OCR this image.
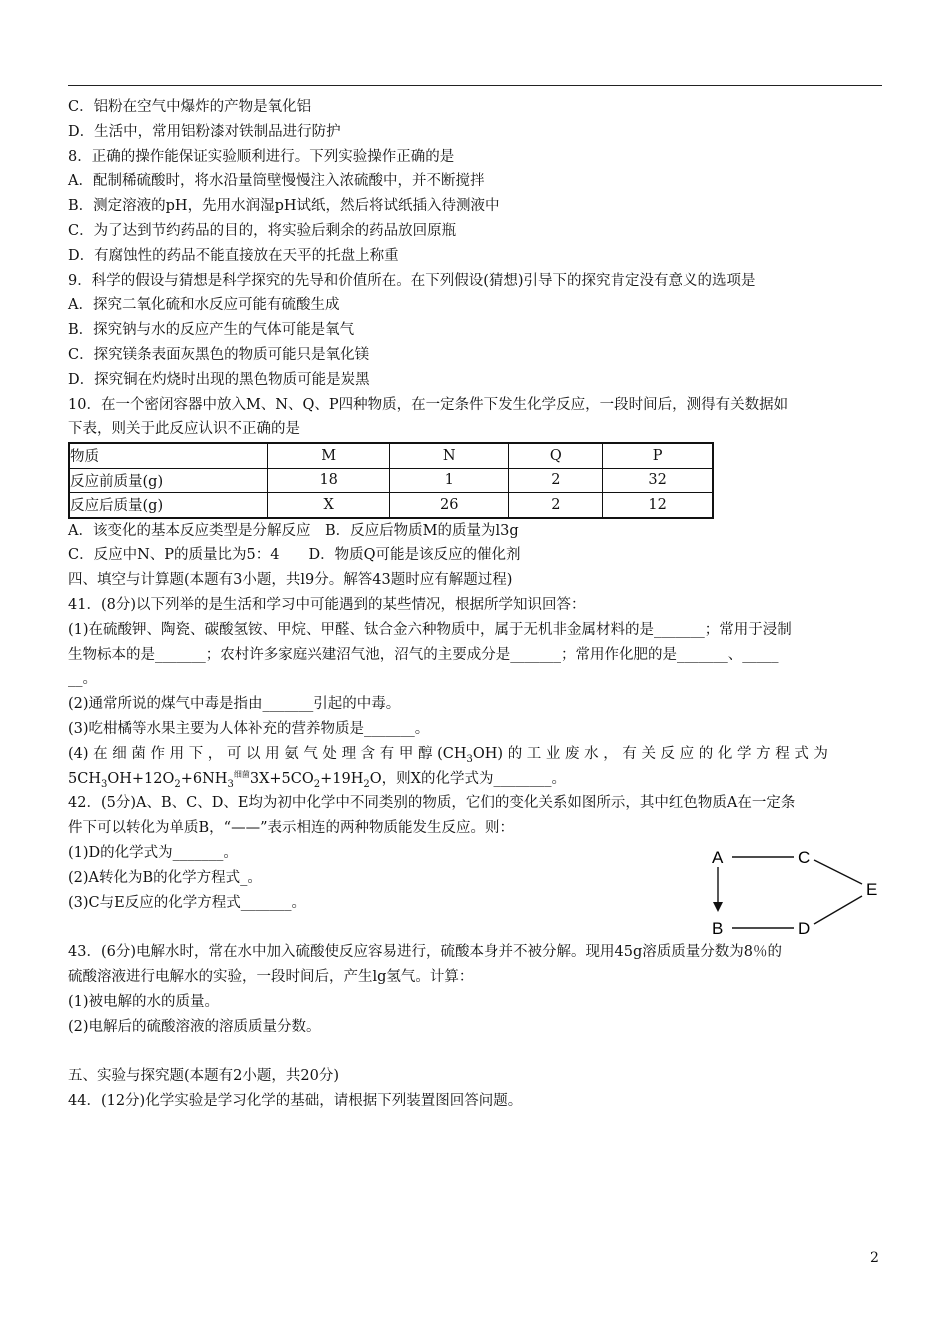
C．铝粉在空气中爆炸的产物是氧化铝
D．生活中，常用铝粉漆对铁制品进行防护
8．正确的操作能保证实验顺利进行。下列实验操作正确的是
A．配制稀硫酸时，将水沿量筒壁慢慢注入浓硫酸中，并不断搅拌
B．测定溶液的pH，先用水润湿pH试纸，然后将试纸插入待测液中
C．为了达到节约药品的目的，将实验后剩余的药品放回原瓶
D．有腐蚀性的药品不能直接放在天平的托盘上称重
9．科学的假设与猜想是科学探究的先导和价值所在。在下列假设(猜想)引导下的探究肯定没有意义的选项是
A．探究二氧化硫和水反应可能有硫酸生成
B．探究钠与水的反应产生的气体可能是氧气
C．探究镁条表面灰黑色的物质可能只是氧化镁
D．探究铜在灼烧时出现的黑色物质可能是炭黑
10．在一个密闭容器中放入M、N、Q、P四种物质，在一定条件下发生化学反应，一段时间后，测得有关数据如
下表，则关于此反应认识不正确的是
物质	M	N	Q	P
反应前质量(g)	18	1	2	32
反应后质量(g)	X	26	2	12
A．该变化的基本反应类型是分解反应　B．反应后物质M的质量为l3g
C．反应中N、P的质量比为5：4　　D．物质Q可能是该反应的催化剂
四、填空与计算题(本题有3小题，共l9分。解答43题时应有解题过程)
41．(8分)以下列举的是生活和学习中可能遇到的某些情况，根据所学知识回答：
(1)在硫酸钾、陶瓷、碳酸氢铵、甲烷、甲醛、钛合金六种物质中，属于无机非金属材料的是_______；常用于浸制
生物标本的是_______；农村许多家庭兴建沼气池，沼气的主要成分是_______；常用作化肥的是_______、_____
__。
(2)通常所说的煤气中毒是指由_______引起的中毒。
(3)吃柑橘等水果主要为人体补充的营养物质是_______。
(4) 在 细 菌 作 用 下 ， 可 以 用 氨 气 处 理 含 有 甲 醇 $(CH_3OH)$ 的 工 业 废 水 ， 有 关 反 应 的 化 学 方 程 式 为
$5CH_3OH+12O_2+6NH_3^{细菌}3X+5CO_2+19H_2O$，则X的化学式为________。
42．(5分)A、B、C、D、E均为初中化学中不同类别的物质，它们的变化关系如图所示，其中红色物质A在一定条
件下可以转化为单质B，“——”表示相连的两种物质能发生反应。则：
(1)D的化学式为_______。
(2)A转化为B的化学方程式_。
(3)C与E反应的化学方程式_______。
43．(6分)电解水时，常在水中加入硫酸使反应容易进行，硫酸本身并不被分解。现用45g溶质质量分数为8％的
硫酸溶液进行电解水的实验，一段时间后，产生lg氢气。计算：
(1)被电解的水的质量。
(2)电解后的硫酸溶液的溶质质量分数。
五、实验与探究题(本题有2小题，共20分)
44．(12分)化学实验是学习化学的基础，请根据下列装置图回答问题。
A	C
E
B	D
2
